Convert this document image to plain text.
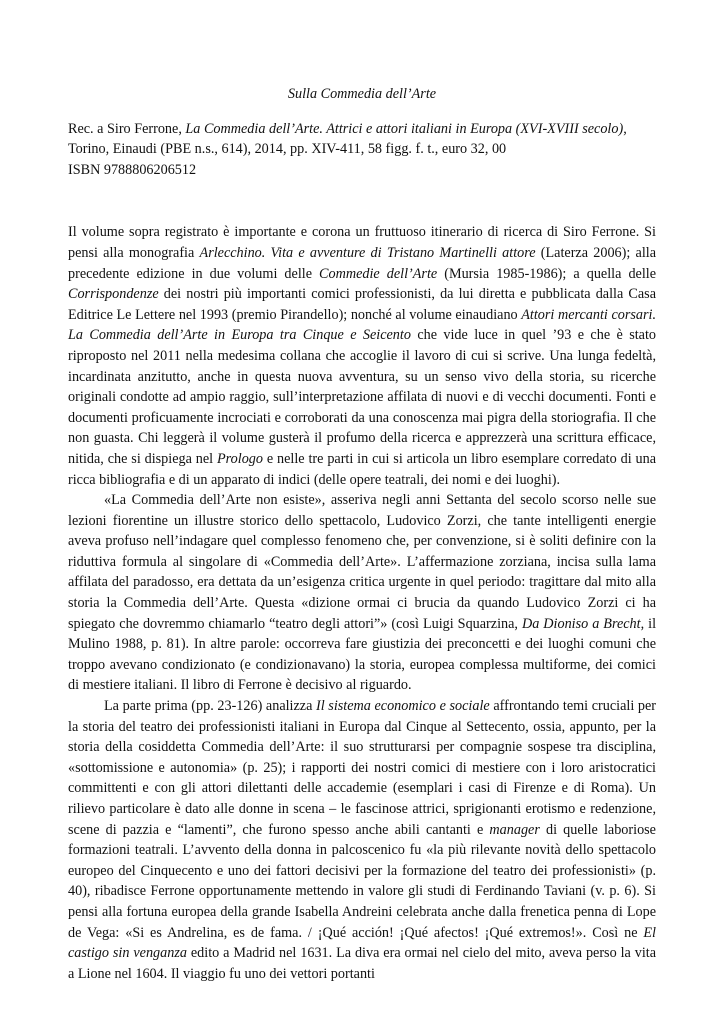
Sulla Commedia dell’Arte

Rec. a Siro Ferrone, La Commedia dell’Arte. Attrici e attori italiani in Europa (XVI-XVIII secolo),

Torino, Einaudi (PBE n.s., 614), 2014, pp. XIV-411, 58 figg. f. t., euro 32, 00

ISBN 9788806206512

Il volume sopra registrato è importante e corona un fruttuoso itinerario di ricerca di Siro Ferrone. Si pensi alla monografia Arlecchino. Vita e avventure di Tristano Martinelli attore (Laterza 2006); alla precedente edizione in due volumi delle Commedie dell’Arte (Mursia 1985-1986); a quella delle Corrispondenze dei nostri più importanti comici professionisti, da lui diretta e pubblicata dalla Casa Editrice Le Lettere nel 1993 (premio Pirandello); nonché al volume einaudiano Attori mercanti corsari. La Commedia dell’Arte in Europa tra Cinque e Seicento che vide luce in quel ’93 e che è stato riproposto nel 2011 nella medesima collana che accoglie il lavoro di cui si scrive. Una lunga fedeltà, incardinata anzitutto, anche in questa nuova avventura, su un senso vivo della storia, su ricerche originali condotte ad ampio raggio, sull’interpretazione affilata di nuovi e di vecchi documenti. Fonti e documenti proficuamente incrociati e corroborati da una conoscenza mai pigra della storiografia. Il che non guasta. Chi leggerà il volume gusterà il profumo della ricerca e apprezzerà una scrittura efficace, nitida, che si dispiega nel Prologo e nelle tre parti in cui si articola un libro esemplare corredato di una ricca bibliografia e di un apparato di indici (delle opere teatrali, dei nomi e dei luoghi).

«La Commedia dell’Arte non esiste», asseriva negli anni Settanta del secolo scorso nelle sue lezioni fiorentine un illustre storico dello spettacolo, Ludovico Zorzi, che tante intelligenti energie aveva profuso nell’indagare quel complesso fenomeno che, per convenzione, si è soliti definire con la riduttiva formula al singolare di «Commedia dell’Arte». L’affermazione zorziana, incisa sulla lama affilata del paradosso, era dettata da un’esigenza critica urgente in quel periodo: tragittare dal mito alla storia la Commedia dell’Arte. Questa «dizione ormai ci brucia da quando Ludovico Zorzi ci ha spiegato che dovremmo chiamarlo “teatro degli attori”» (così Luigi Squarzina, Da Dioniso a Brecht, il Mulino 1988, p. 81). In altre parole: occorreva fare giustizia dei preconcetti e dei luoghi comuni che troppo avevano condizionato (e condizionavano) la storia, europea complessa multiforme, dei comici di mestiere italiani. Il libro di Ferrone è decisivo al riguardo.

La parte prima (pp. 23-126) analizza Il sistema economico e sociale affrontando temi cruciali per la storia del teatro dei professionisti italiani in Europa dal Cinque al Settecento, ossia, appunto, per la storia della cosiddetta Commedia dell’Arte: il suo strutturarsi per compagnie sospese tra disciplina, «sottomissione e autonomia» (p. 25); i rapporti dei nostri comici di mestiere con i loro aristocratici committenti e con gli attori dilettanti delle accademie (esemplari i casi di Firenze e di Roma). Un rilievo particolare è dato alle donne in scena – le fascinose attrici, sprigionanti erotismo e redenzione, scene di pazzia e “lamenti”, che furono spesso anche abili cantanti e manager di quelle laboriose formazioni teatrali. L’avvento della donna in palcoscenico fu «la più rilevante novità dello spettacolo europeo del Cinquecento e uno dei fattori decisivi per la formazione del teatro dei professionisti» (p. 40), ribadisce Ferrone opportunamente mettendo in valore gli studi di Ferdinando Taviani (v. p. 6). Si pensi alla fortuna europea della grande Isabella Andreini celebrata anche dalla frenetica penna di Lope de Vega: «Si es Andrelina, es de fama. / ¡Qué acción! ¡Qué afectos! ¡Qué extremos!». Così ne El castigo sin venganza edito a Madrid nel 1631. La diva era ormai nel cielo del mito, aveva perso la vita a Lione nel 1604. Il viaggio fu uno dei vettori portanti
